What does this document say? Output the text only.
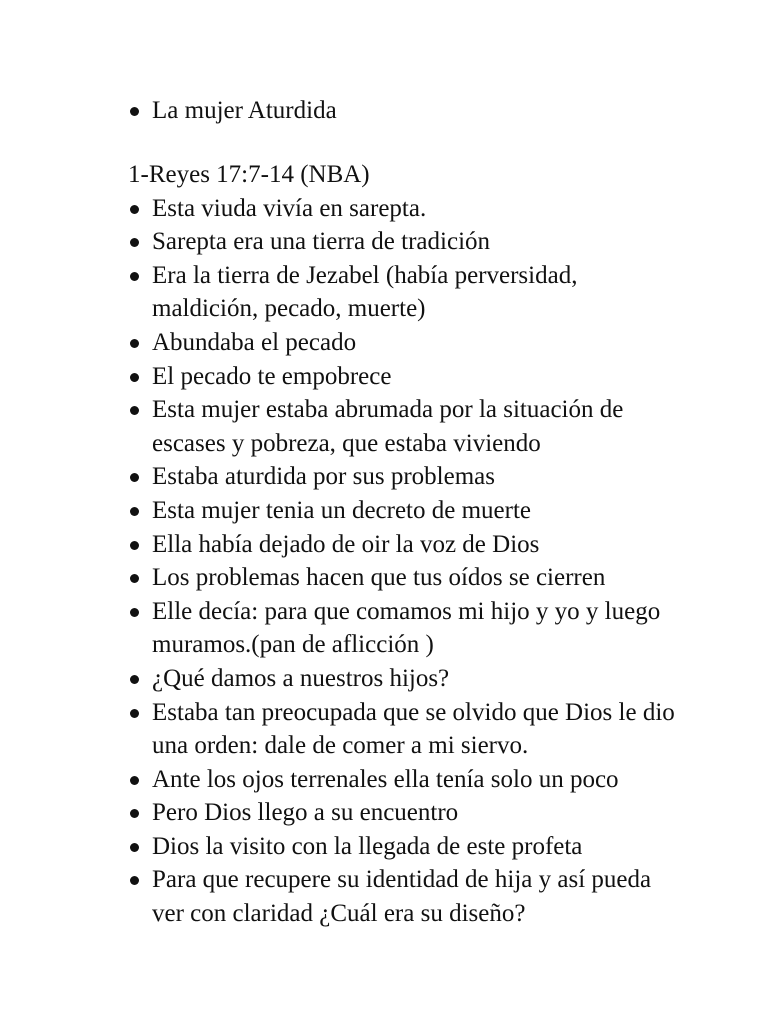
La mujer Aturdida
1-Reyes 17:7-14 (NBA)
Esta viuda vivía en sarepta.
Sarepta era una tierra de tradición
Era la tierra de Jezabel (había perversidad, maldición, pecado, muerte)
Abundaba el pecado
El pecado te empobrece
Esta mujer estaba abrumada por la situación de escases y pobreza, que estaba viviendo
Estaba aturdida por sus problemas
Esta mujer tenia un decreto de muerte
Ella había dejado de oir la voz de Dios
Los problemas hacen que tus oídos se cierren
Elle decía: para que comamos mi hijo y yo y luego muramos.(pan de aflicción )
¿Qué damos a nuestros hijos?
Estaba tan preocupada que se olvido que Dios le dio una orden: dale de comer a mi siervo.
Ante los ojos terrenales ella tenía solo un poco
Pero Dios llego a su encuentro
Dios la visito con la llegada de este profeta
Para que recupere su identidad de hija y así pueda ver con claridad ¿Cuál era su diseño?
